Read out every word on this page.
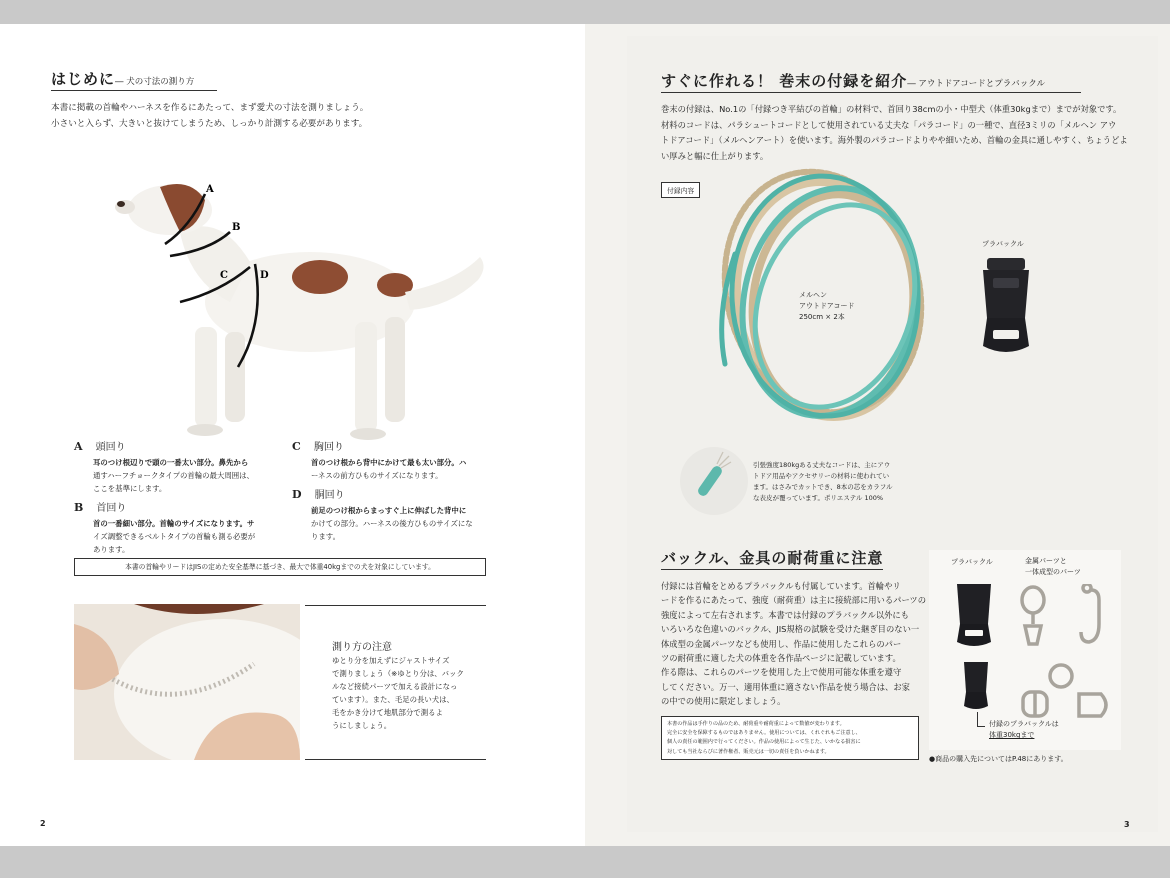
はじめに― 犬の寸法の測り方
本書に掲載の首輪やハーネスを作るにあたって、まず愛犬の寸法を測りましょう。
小さいと入らず、大きいと抜けてしまうため、しっかり計測する必要があります。
A
B
C	D
A 頭回り
耳のつけ根辺りで頭の一番太い部分。鼻先から
通すハーフチョークタイプの首輪の最大周囲は、
ここを基準にします。
B 首回り
首の一番細い部分。首輪のサイズになります。サ
イズ調整できるベルトタイプの首輪も測る必要が
あります。
C 胸回り
首のつけ根から背中にかけて最も太い部分。ハ
ーネスの前方ひものサイズになります。
D 胴回り
前足のつけ根からまっすぐ上に伸ばした背中に
かけての部分。ハーネスの後方ひものサイズにな
ります。
本書の首輪やリードはJISの定めた安全基準に基づき、最大で体重40kgまでの犬を対象にしています。
測り方の注意
ゆとり分を加えずにジャストサイズ
で測りましょう（※ゆとり分は、バック
ルなど接続パーツで加える設計になっ
ています）。また、毛足の長い犬は、
毛をかき分けて地肌部分で測るよ
うにしましょう。
2
すぐに作れる！ 巻末の付録を紹介― アウトドアコードとプラバックル
巻末の付録は、No.1の「付録つき平結びの首輪」の材料で、首回り38cmの小・中型犬（体重30kgまで）までが対象です。
材料のコードは、パラシュートコードとして使用されている丈夫な「パラコード」の一種で、直径3ミリの「メルヘン アウ
トドアコード」（メルヘンアート）を使います。海外製のパラコードよりやや細いため、首輪の金具に通しやすく、ちょうどよ
い厚みと幅に仕上がります。
付録内容
メルヘン
アウトドアコード
250cm × 2本
プラバックル
引張強度180kgある丈夫なコードは、主にアウ
トドア用品やアクセサリーの材料に使われてい
ます。はさみでカットでき、8本の芯をカラフル
な表皮が覆っています。ポリエステル 100%
バックル、金具の耐荷重に注意
付録には首輪をとめるプラバックルも付属しています。首輪やリ
ードを作るにあたって、強度（耐荷重）は主に接続部に用いるパーツの
強度によって左右されます。本書では付録のプラバックル以外にも
いろいろな色違いのバックル、JIS規格の試験を受けた継ぎ目のない一
体成型の金属パーツなども使用し、作品に使用したこれらのパー
ツの耐荷重に適した犬の体重を各作品ページに記載しています。
作る際は、これらのパーツを使用した上で使用可能な体重を遵守
してください。万一、適用体重に適さない作品を使う場合は、お家
の中での使用に限定しましょう。
本書の作品は手作りの品のため、耐荷重や耐荷重によって数値が変わります。
完全に安全を保障するものではありません。使用については、くれぐれもご注意し、
個人の責任の範囲内で行ってください。作品の使用によって生じた、いかなる損害に
対しても当社ならびに著作権者、販売元は一切の責任を負いかねます。
プラバックル	金属パーツと
一体成型のパーツ
付録のプラバックルは
体重30kgまで
●商品の購入先についてはP.48にあります。
3
